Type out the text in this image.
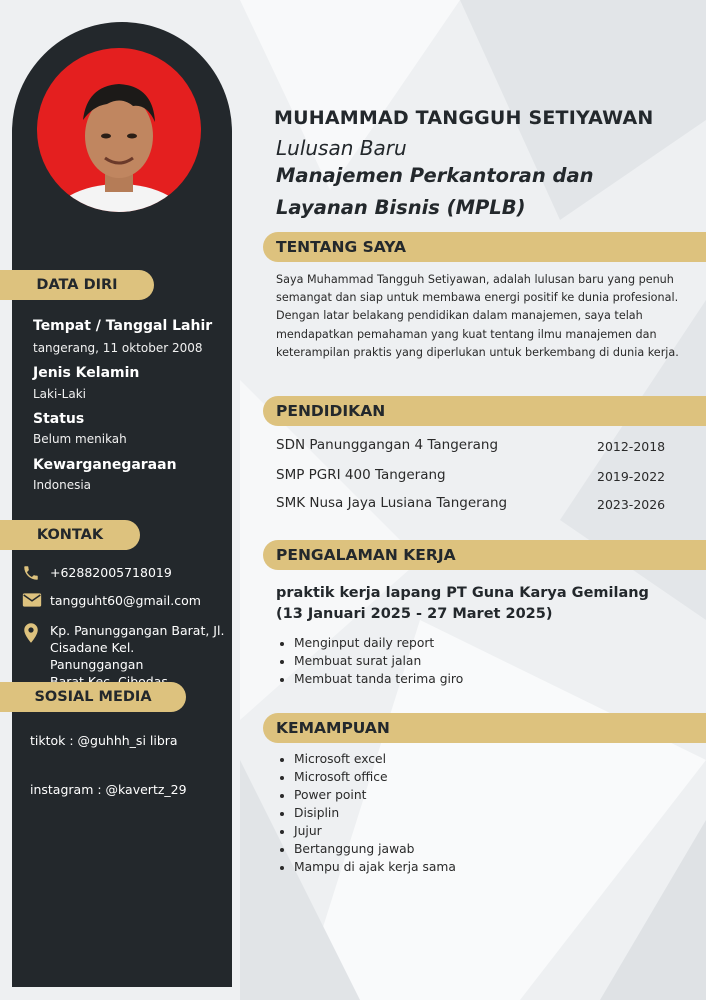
DATA DIRI
Tempat / Tanggal Lahir
tangerang, 11 oktober 2008
Jenis Kelamin
Laki-Laki
Status
Belum menikah
Kewarganegaraan
Indonesia
KONTAK
+62882005718019
tangguht60@gmail.com
Kp. Panunggangan Barat, Jl.
Cisadane Kel. Panunggangan

SOSIAL MEDIA
tiktok : @guhhh_si libra
instagram : @kavertz_29
MUHAMMAD TANGGUH SETIYAWAN
Lulusan Baru
Manajemen Perkantoran dan
Layanan Bisnis (MPLB)
TENTANG SAYA
Saya Muhammad Tangguh Setiyawan, adalah lulusan baru yang penuh semangat dan siap untuk membawa energi positif ke dunia profesional. Dengan latar belakang pendidikan dalam manajemen, saya telah mendapatkan pemahaman yang kuat tentang ilmu manajemen dan keterampilan praktis yang diperlukan untuk berkembang di dunia kerja.
PENDIDIKAN
SDN Panunggangan 4 Tangerang	2012-2018
SMP PGRI 400 Tangerang	2019-2022
SMK Nusa Jaya Lusiana Tangerang	2023-2026
PENGALAMAN KERJA
praktik kerja lapang PT Guna Karya Gemilang
(13 Januari 2025 - 27 Maret 2025)
• Menginput daily report
• Membuat surat jalan
• Membuat tanda terima giro
KEMAMPUAN
• Microsoft excel
• Microsoft office
• Power point
• Disiplin
• Jujur
• Bertanggung jawab
• Mampu di ajak kerja sama
